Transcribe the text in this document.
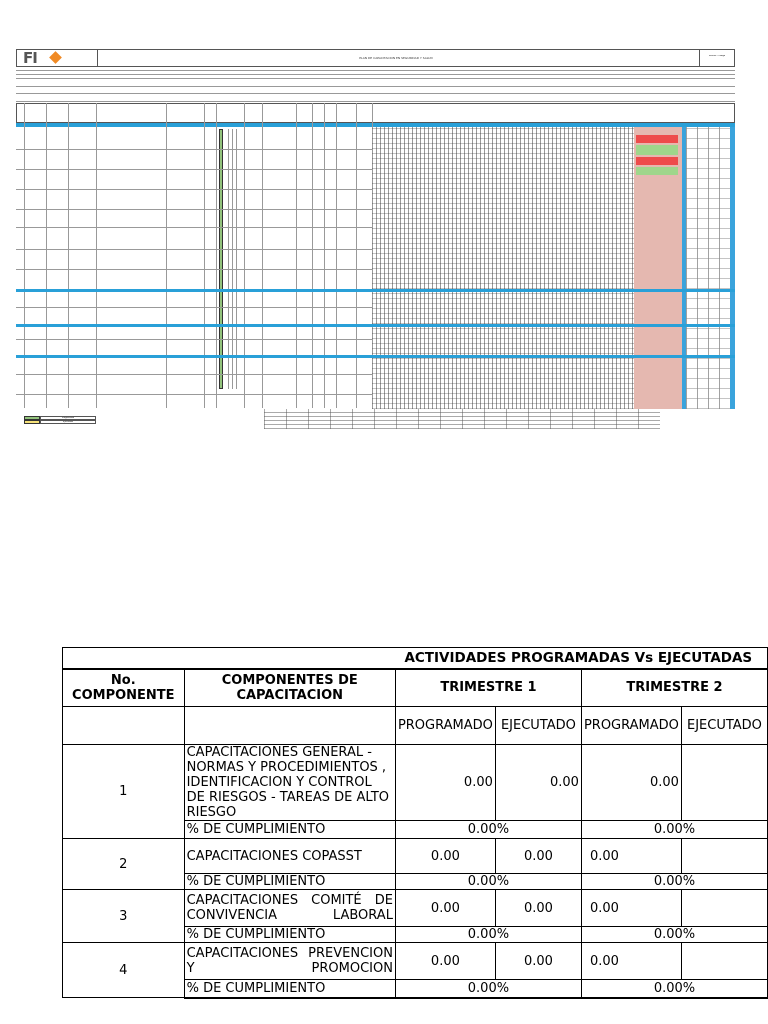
FI	PLAN DE CAPACITACION EN SEGURIDAD Y SALUD	Versión / Código
Programado
Ejecutado
		ACTIVIDADES PROGRAMADAS Vs EJECUTADAS			
No. COMPONENTE	COMPONENTES DE CAPACITACION	TRIMESTRE 1		TRIMESTRE 2	
		PROGRAMADO	EJECUTADO	PROGRAMADO	EJECUTADO
1	CAPACITACIONES GENERAL - NORMAS Y PROCEDIMIENTOS , IDENTIFICACION Y CONTROL DE RIESGOS - TAREAS DE ALTO RIESGO	0.00	0.00	0.00	
	% DE CUMPLIMIENTO	0.00%		0.00%	
2	CAPACITACIONES COPASST	0.00	0.00	0.00	
	% DE CUMPLIMIENTO	0.00%		0.00%	
3	CAPACITACIONES COMITÉ DE CONVIVENCIA LABORAL	0.00	0.00	0.00	
	% DE CUMPLIMIENTO	0.00%		0.00%	
4	CAPACITACIONES PREVENCION Y PROMOCION	0.00	0.00	0.00	
	% DE CUMPLIMIENTO	0.00%		0.00%	
